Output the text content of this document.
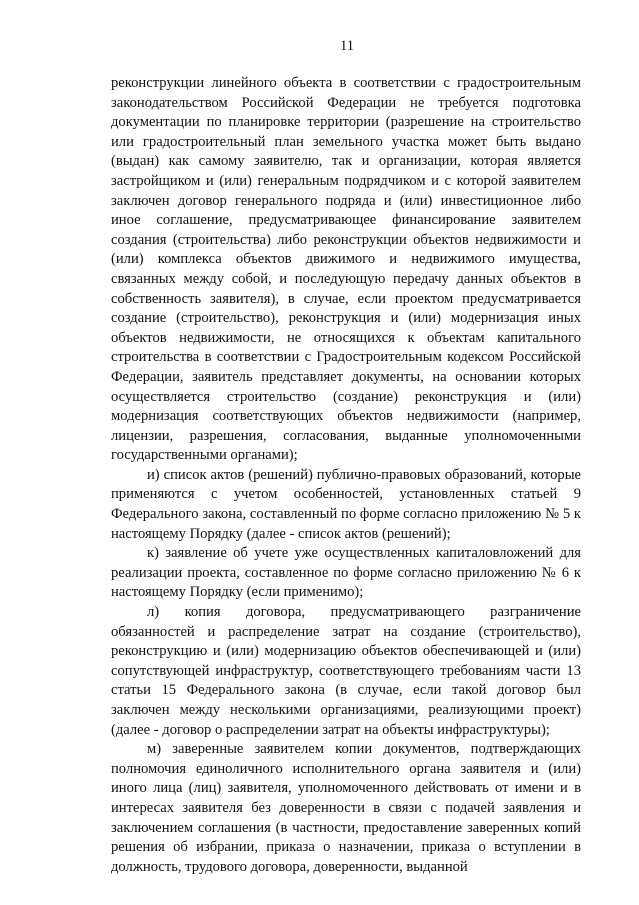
11

реконструкции линейного объекта в соответствии с градостроительным законодательством Российской Федерации не требуется подготовка документации по планировке территории (разрешение на строительство или градостроительный план земельного участка может быть выдано (выдан) как самому заявителю, так и организации, которая является застройщиком и (или) генеральным подрядчиком и с которой заявителем заключен договор генерального подряда и (или) инвестиционное либо иное соглашение, предусматривающее финансирование заявителем создания (строительства) либо реконструкции объектов недвижимости и (или) комплекса объектов движимого и недвижимого имущества, связанных между собой, и последующую передачу данных объектов в собственность заявителя), в случае, если проектом предусматривается создание (строительство), реконструкция и (или) модернизация иных объектов недвижимости, не относящихся к объектам капитального строительства в соответствии с Градостроительным кодексом Российской Федерации, заявитель представляет документы, на основании которых осуществляется строительство (создание) реконструкция и (или) модернизация соответствующих объектов недвижимости (например, лицензии, разрешения, согласования, выданные уполномоченными государственными органами);

и) список актов (решений) публично-правовых образований, которые применяются с учетом особенностей, установленных статьей 9 Федерального закона, составленный по форме согласно приложению № 5 к настоящему Порядку (далее - список актов (решений);

к) заявление об учете уже осуществленных капиталовложений для реализации проекта, составленное по форме согласно приложению № 6 к настоящему Порядку (если применимо);

л) копия договора, предусматривающего разграничение обязанностей и распределение затрат на создание (строительство), реконструкцию и (или) модернизацию объектов обеспечивающей и (или) сопутствующей инфраструктур, соответствующего требованиям части 13 статьи 15 Федерального закона (в случае, если такой договор был заключен между несколькими организациями, реализующими проект) (далее - договор о распределении затрат на объекты инфраструктуры);

м) заверенные заявителем копии документов, подтверждающих полномочия единоличного исполнительного органа заявителя и (или) иного лица (лиц) заявителя, уполномоченного действовать от имени и в интересах заявителя без доверенности в связи с подачей заявления и заключением соглашения (в частности, предоставление заверенных копий решения об избрании, приказа о назначении, приказа о вступлении в должность, трудового договора, доверенности, выданной
